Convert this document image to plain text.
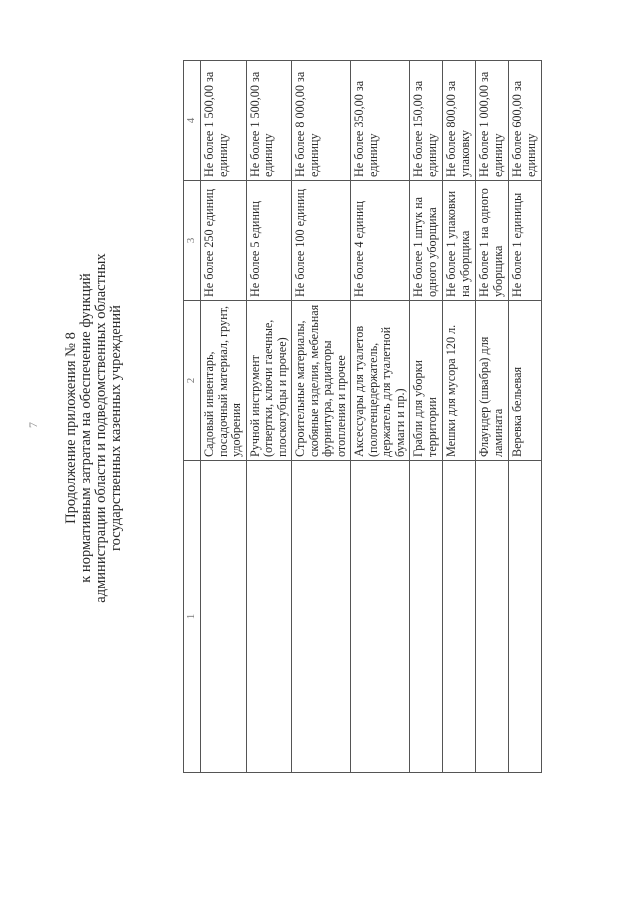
7 Продолжение приложения № 8 к нормативным затратам на обеспечение функций администрации области и подведомственных областных государственных казенных учреждений
1	2	3	4
	Садовый инвентарь, посадочный материал, грунт, удобрения	Не более 250 единиц	Не более 1 500,00 за единицу
	Ручной инструмент (отвертки, ключи гаечные, плоскогубцы и прочее)	Не более 5 единиц	Не более 1 500,00 за единицу
	Строительные материалы, скобяные изделия, мебельная фурнитура, радиаторы отопления и прочее	Не более 100 единиц	Не более 8 000,00 за единицу
	Аксессуары для туалетов (полотенцедержатель, держатель для туалетной бумаги и пр.)	Не более 4 единиц	Не более 350,00 за единицу
	Грабли для уборки территории	Не более 1 штук на одного уборщика	Не более 150,00 за единицу
	Мешки для мусора 120 л.	Не более 1 упаковки на уборщика	Не более 800,00 за упаковку
	Флаундер (швабра) для ламината	Не более 1 на одного уборщика	Не более 1 000,00 за единицу
	Веревка бельевая	Не более 1 единицы	Не более 600,00 за единицу
